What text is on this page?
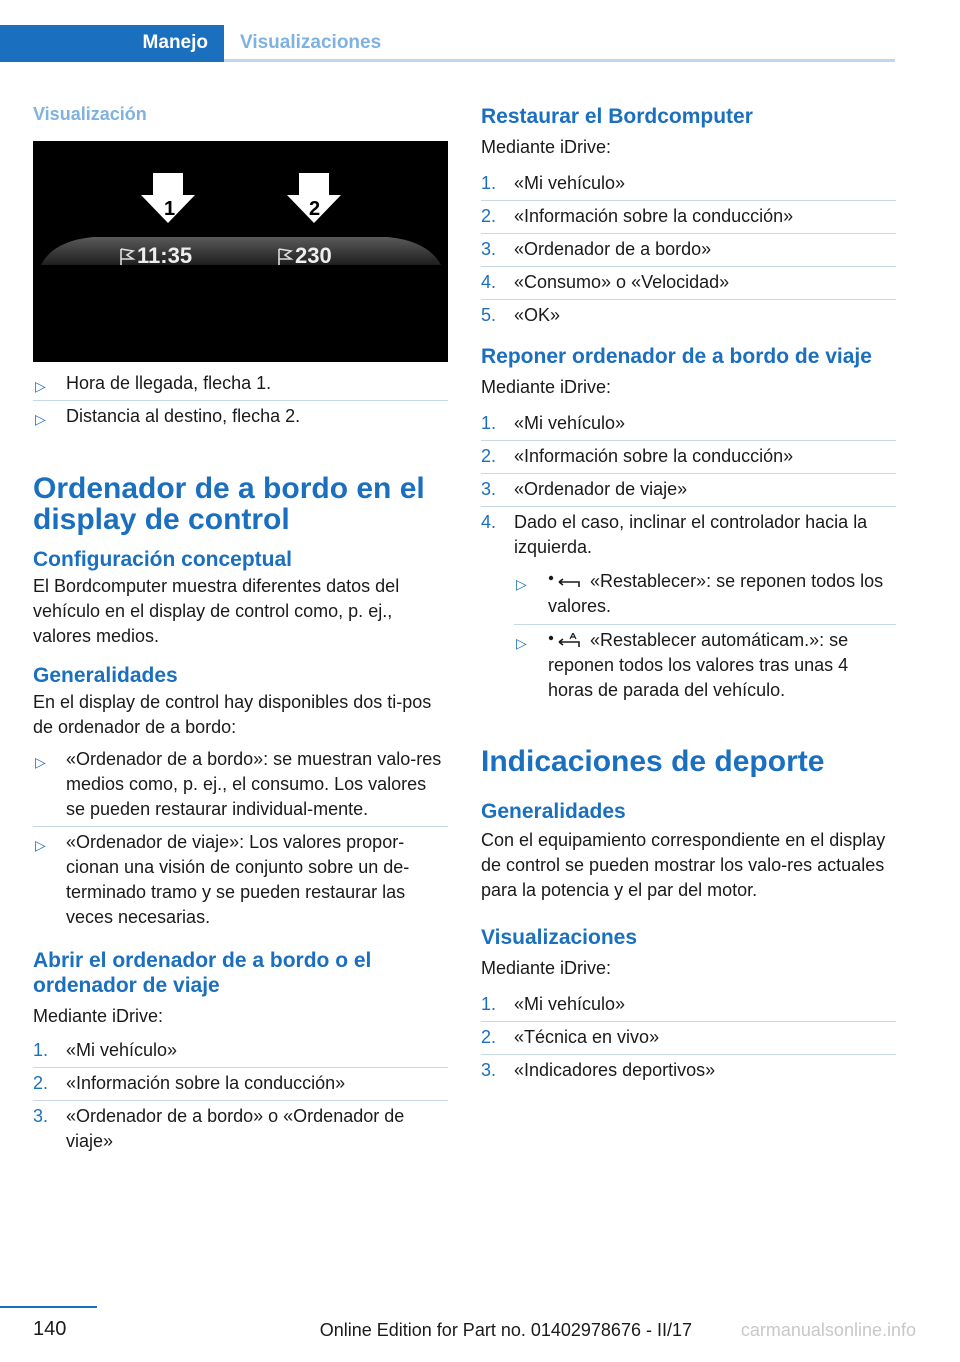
Manejo Visualizaciones
Visualización
1	2
11:35	230
▷ Hora de llegada, flecha 1.
▷ Distancia al destino, flecha 2.
Ordenador de a bordo en el display de control
Configuración conceptual

El Bordcomputer muestra diferentes datos del vehículo en el display de control como, p. ej., valores medios.

Generalidades

En el display de control hay disponibles dos ti-pos de ordenador de a bordo:

▷ «Ordenador de a bordo»: se muestran valo-res medios como, p. ej., el consumo. Los valores se pueden restaurar individual-mente.
▷ «Ordenador de viaje»: Los valores propor-cionan una visión de conjunto sobre un de-terminado tramo y se pueden restaurar las veces necesarias.
Abrir el ordenador de a bordo o el ordenador de viaje

Mediante iDrive:

1. «Mi vehículo»
2. «Información sobre la conducción»
3. «Ordenador de a bordo» o «Ordenador de viaje»
Restaurar el Bordcomputer

Mediante iDrive:

1. «Mi vehículo»
2. «Información sobre la conducción»
3. «Ordenador de a bordo»
4. «Consumo» o «Velocidad»
5. «OK»
Reponer ordenador de a bordo de viaje

Mediante iDrive:

1. «Mi vehículo»
2. «Información sobre la conducción»
3. «Ordenador de viaje»
4. Dado el caso, inclinar el controlador hacia la izquierda.
▷	«Restablecer»: se reponen todos los valores.
▷	«Restablecer automáticam.»: se reponen todos los valores tras unas 4 horas de parada del vehículo.
Indicaciones de deporte
Generalidades

Con el equipamiento correspondiente en el display de control se pueden mostrar los valo-res actuales para la potencia y el par del motor.

Visualizaciones

Mediante iDrive:

1. «Mi vehículo»
2. «Técnica en vivo»
3. «Indicadores deportivos»
140	Online Edition for Part no. 01402978676 - II/17	carmanualsonline.info
